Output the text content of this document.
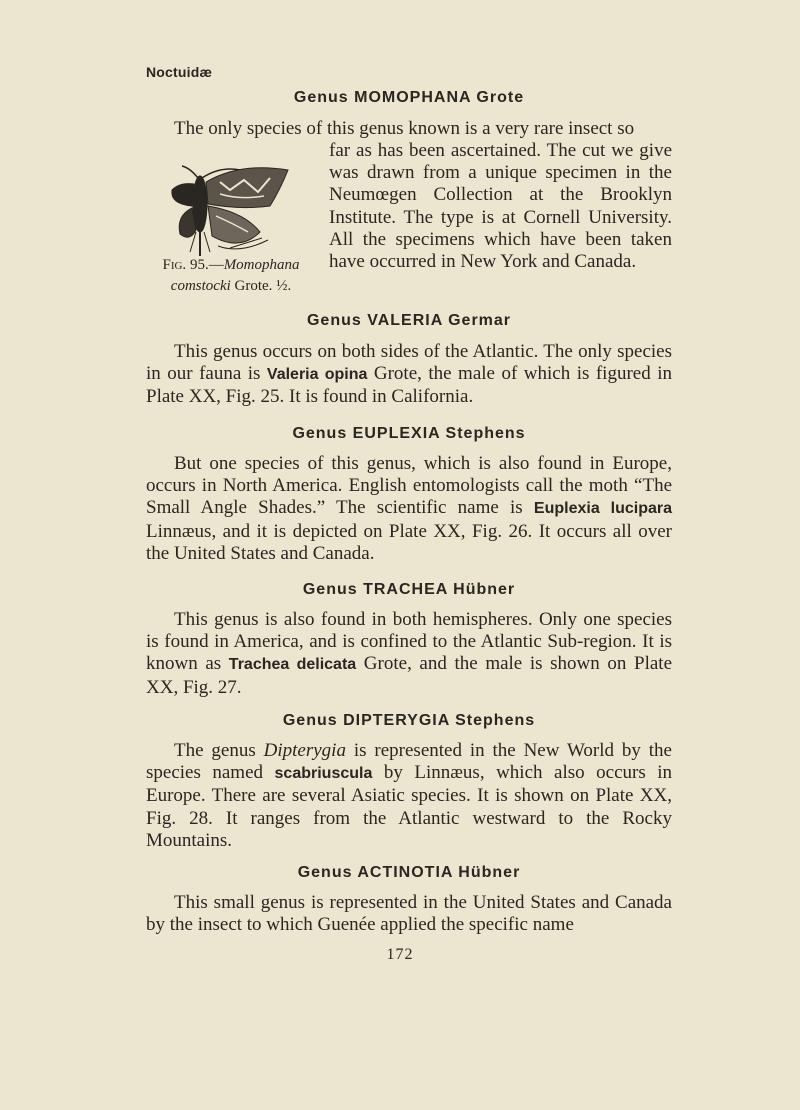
Noctuidæ
Genus MOMOPHANA Grote
The only species of this genus known is a very rare insect so
far as has been ascertained. The cut we give was drawn from a unique specimen in the Neumœgen Collection at the Brooklyn Institute. The type is at Cornell University. All the specimens which have been taken have occurred in New York and Canada.
Fig. 95.—Momophana
comstocki Grote. ½.
Genus VALERIA Germar
This genus occurs on both sides of the Atlantic. The only species in our fauna is Valeria opina Grote, the male of which is figured in Plate XX, Fig. 25. It is found in California.
Genus EUPLEXIA Stephens
But one species of this genus, which is also found in Europe, occurs in North America. English entomologists call the moth “The Small Angle Shades.” The scientific name is Euplexia lucipara Linnæus, and it is depicted on Plate XX, Fig. 26. It occurs all over the United States and Canada.
Genus TRACHEA Hübner
This genus is also found in both hemispheres. Only one species is found in America, and is confined to the Atlantic Sub-region. It is known as Trachea delicata Grote, and the male is shown on Plate XX, Fig. 27.
Genus DIPTERYGIA Stephens
The genus Dipterygia is represented in the New World by the species named scabriuscula by Linnæus, which also occurs in Europe. There are several Asiatic species. It is shown on Plate XX, Fig. 28. It ranges from the Atlantic westward to the Rocky Mountains.
Genus ACTINOTIA Hübner
This small genus is represented in the United States and Canada by the insect to which Guenée applied the specific name
172
